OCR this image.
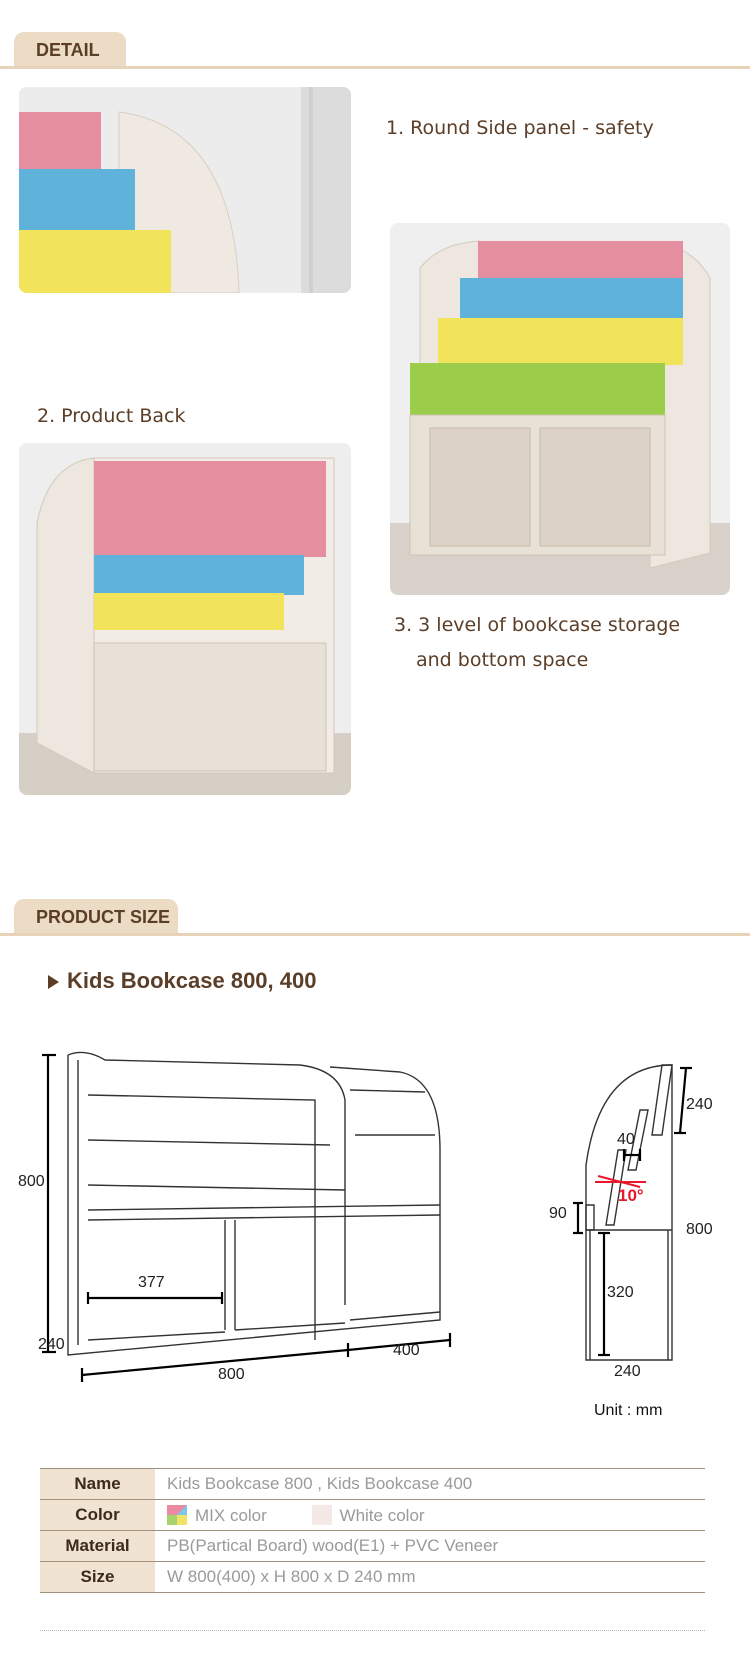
DETAIL
1. Round Side panel - safety
2. Product Back
3. 3 level of bookcase storage
and bottom space
PRODUCT SIZE
Kids Bookcase 800, 400
800
240
377
800
400
240
40
10°
90
800
320
240
Unit : mm
Name	Kids Bookcase 800 , Kids Bookcase 400
Color	MIX color White color
Material	PB(Partical Board) wood(E1) + PVC Veneer
Size	W 800(400) x H 800 x D 240 mm
